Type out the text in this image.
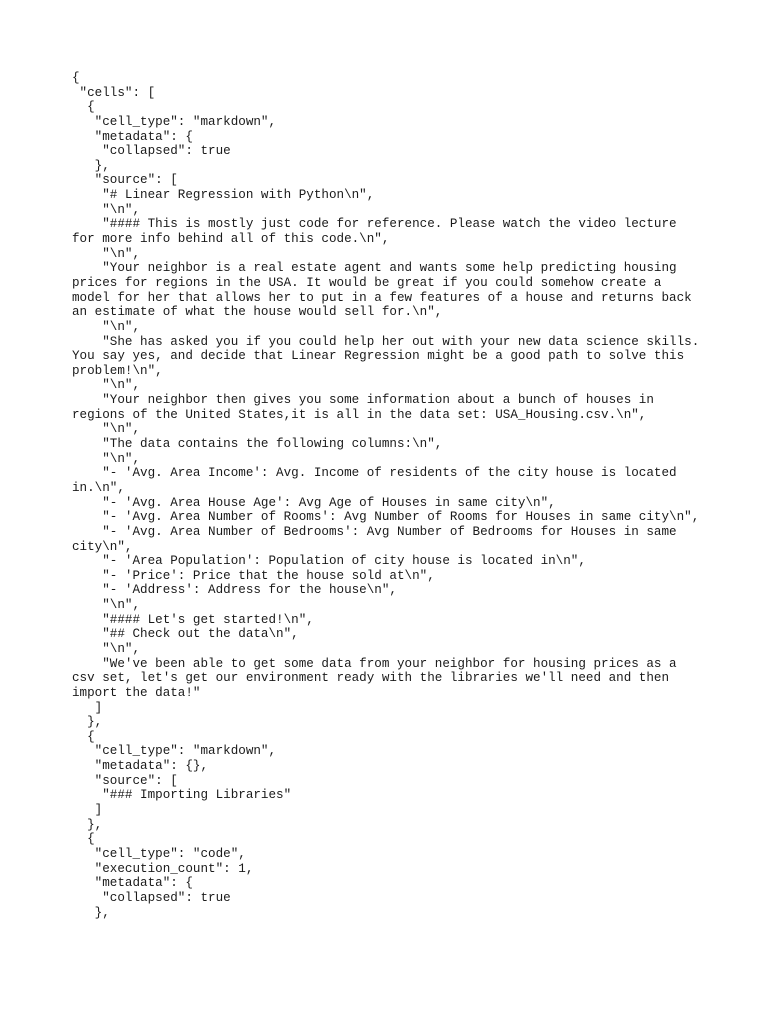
{
"cells": [
{
"cell_type": "markdown",
"metadata": {
"collapsed": true
},
"source": [
"# Linear Regression with Python\n",
"\n",
"#### This is mostly just code for reference. Please watch the video lecture
for more info behind all of this code.\n",
"\n",
"Your neighbor is a real estate agent and wants some help predicting housing
prices for regions in the USA. It would be great if you could somehow create a
model for her that allows her to put in a few features of a house and returns back
an estimate of what the house would sell for.\n",
"\n",
"She has asked you if you could help her out with your new data science skills.
You say yes, and decide that Linear Regression might be a good path to solve this
problem!\n",
"\n",
"Your neighbor then gives you some information about a bunch of houses in
regions of the United States,it is all in the data set: USA_Housing.csv.\n",
"\n",
"The data contains the following columns:\n",
"\n",
"- 'Avg. Area Income': Avg. Income of residents of the city house is located
in.\n",
"- 'Avg. Area House Age': Avg Age of Houses in same city\n",
"- 'Avg. Area Number of Rooms': Avg Number of Rooms for Houses in same city\n",
"- 'Avg. Area Number of Bedrooms': Avg Number of Bedrooms for Houses in same
city\n",
"- 'Area Population': Population of city house is located in\n",
"- 'Price': Price that the house sold at\n",
"- 'Address': Address for the house\n",
"\n",
"#### Let's get started!\n",
"## Check out the data\n",
"\n",
"We've been able to get some data from your neighbor for housing prices as a
csv set, let's get our environment ready with the libraries we'll need and then
import the data!"
]
},
{
"cell_type": "markdown",
"metadata": {},
"source": [
"### Importing Libraries"
]
},
{
"cell_type": "code",
"execution_count": 1,
"metadata": {
"collapsed": true
},
